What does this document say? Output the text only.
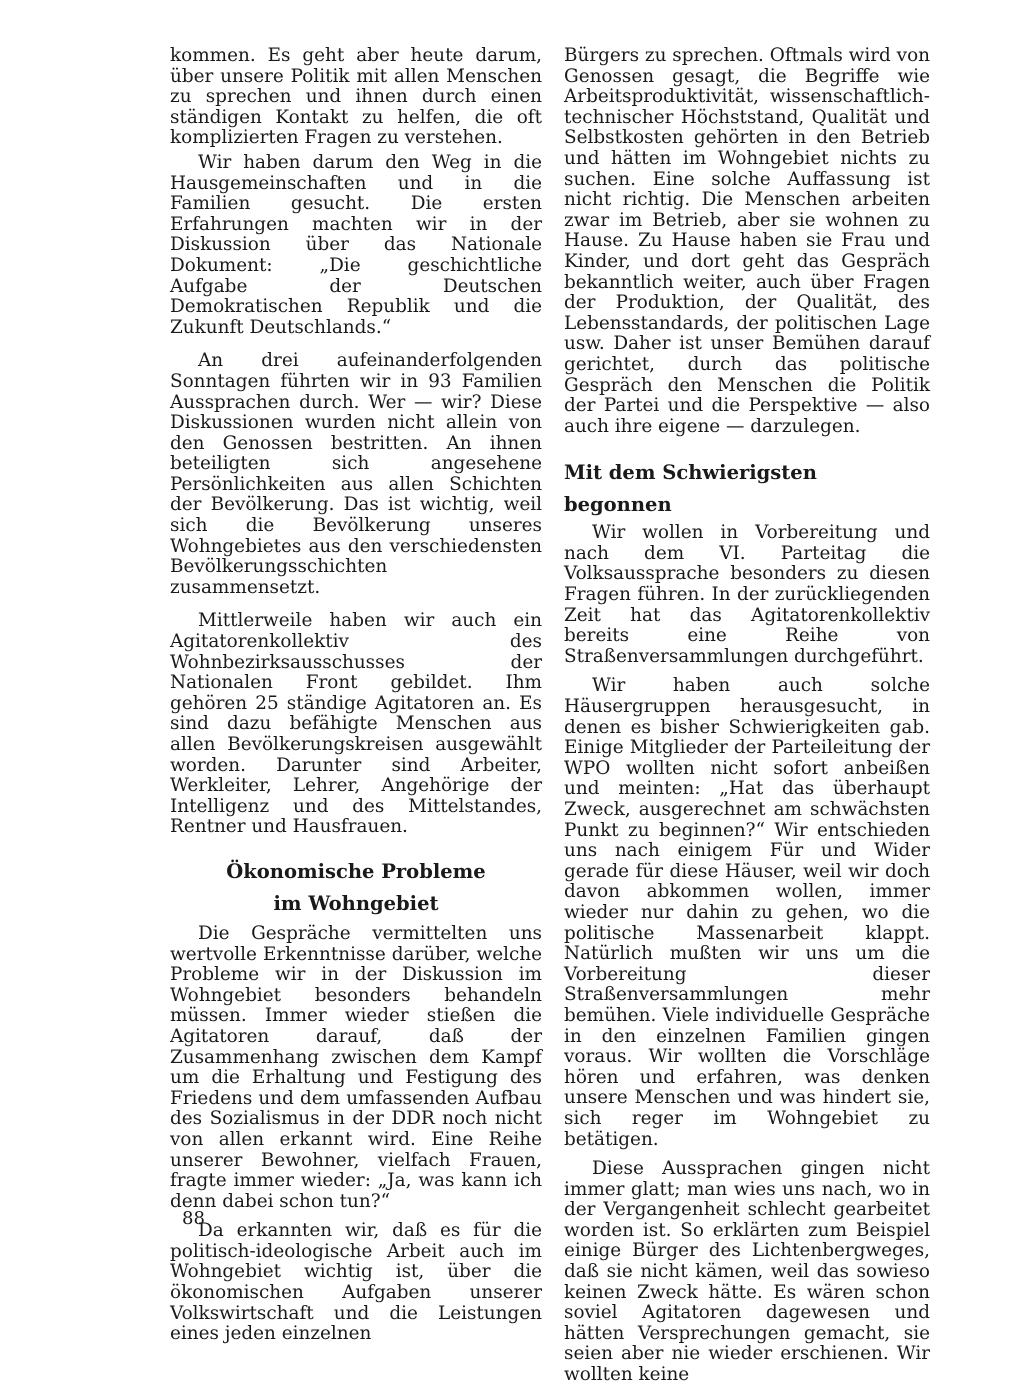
kommen. Es geht aber heute darum, über unsere Politik mit allen Menschen zu sprechen und ihnen durch einen ständigen Kontakt zu helfen, die oft komplizierten Fragen zu verstehen.

Wir haben darum den Weg in die Hausgemeinschaften und in die Familien gesucht. Die ersten Erfahrungen machten wir in der Diskussion über das Nationale Dokument: „Die geschichtliche Aufgabe der Deutschen Demokratischen Republik und die Zukunft Deutschlands.“

An drei aufeinanderfolgenden Sonntagen führten wir in 93 Familien Aussprachen durch. Wer — wir? Diese Diskussionen wurden nicht allein von den Genossen bestritten. An ihnen beteiligten sich angesehene Persönlichkeiten aus allen Schichten der Bevölkerung. Das ist wichtig, weil sich die Bevölkerung unseres Wohngebietes aus den verschiedensten Bevölkerungsschichten zusammensetzt.

Mittlerweile haben wir auch ein Agitatorenkollektiv des Wohnbezirksausschusses der Nationalen Front gebildet. Ihm gehören 25 ständige Agitatoren an. Es sind dazu befähigte Menschen aus allen Bevölkerungskreisen ausgewählt worden. Darunter sind Arbeiter, Werkleiter, Lehrer, Angehörige der Intelligenz und des Mittelstandes, Rentner und Hausfrauen.

Ökonomische Probleme
im Wohngebiet

Die Gespräche vermittelten uns wertvolle Erkenntnisse darüber, welche Probleme wir in der Diskussion im Wohngebiet besonders behandeln müssen. Immer wieder stießen die Agitatoren darauf, daß der Zusammenhang zwischen dem Kampf um die Erhaltung und Festigung des Friedens und dem umfassenden Aufbau des Sozialismus in der DDR noch nicht von allen erkannt wird. Eine Reihe unserer Bewohner, vielfach Frauen, fragte immer wieder: „Ja, was kann ich denn dabei schon tun?“

Da erkannten wir, daß es für die politisch-ideologische Arbeit auch im Wohngebiet wichtig ist, über die ökonomischen Aufgaben unserer Volkswirtschaft und die Leistungen eines jeden einzelnen

Bürgers zu sprechen. Oftmals wird von Genossen gesagt, die Begriffe wie Arbeitsproduktivität, wissenschaftlich-technischer Höchststand, Qualität und Selbstkosten gehörten in den Betrieb und hätten im Wohngebiet nichts zu suchen. Eine solche Auffassung ist nicht richtig. Die Menschen arbeiten zwar im Betrieb, aber sie wohnen zu Hause. Zu Hause haben sie Frau und Kinder, und dort geht das Gespräch bekanntlich weiter, auch über Fragen der Produktion, der Qualität, des Lebensstandards, der politischen Lage usw. Daher ist unser Bemühen darauf gerichtet, durch das politische Gespräch den Menschen die Politik der Partei und die Perspektive — also auch ihre eigene — darzulegen.

Mit dem Schwierigsten begonnen

Wir wollen in Vorbereitung und nach dem VI. Parteitag die Volksaussprache besonders zu diesen Fragen führen. In der zurückliegenden Zeit hat das Agitatorenkollektiv bereits eine Reihe von Straßenversammlungen durchgeführt.

Wir haben auch solche Häusergruppen herausgesucht, in denen es bisher Schwierigkeiten gab. Einige Mitglieder der Parteileitung der WPO wollten nicht sofort anbeißen und meinten: „Hat das überhaupt Zweck, ausgerechnet am schwächsten Punkt zu beginnen?“ Wir entschieden uns nach einigem Für und Wider gerade für diese Häuser, weil wir doch davon abkommen wollen, immer wieder nur dahin zu gehen, wo die politische Massenarbeit klappt. Natürlich mußten wir uns um die Vorbereitung dieser Straßenversammlungen mehr bemühen. Viele individuelle Gespräche in den einzelnen Familien gingen voraus. Wir wollten die Vorschläge hören und erfahren, was denken unsere Menschen und was hindert sie, sich reger im Wohngebiet zu betätigen.

Diese Aussprachen gingen nicht immer glatt; man wies uns nach, wo in der Vergangenheit schlecht gearbeitet worden ist. So erklärten zum Beispiel einige Bürger des Lichtenbergweges, daß sie nicht kämen, weil das sowieso keinen Zweck hätte. Es wären schon soviel Agitatoren dagewesen und hätten Versprechungen gemacht, sie seien aber nie wieder erschienen. Wir wollten keine

88
